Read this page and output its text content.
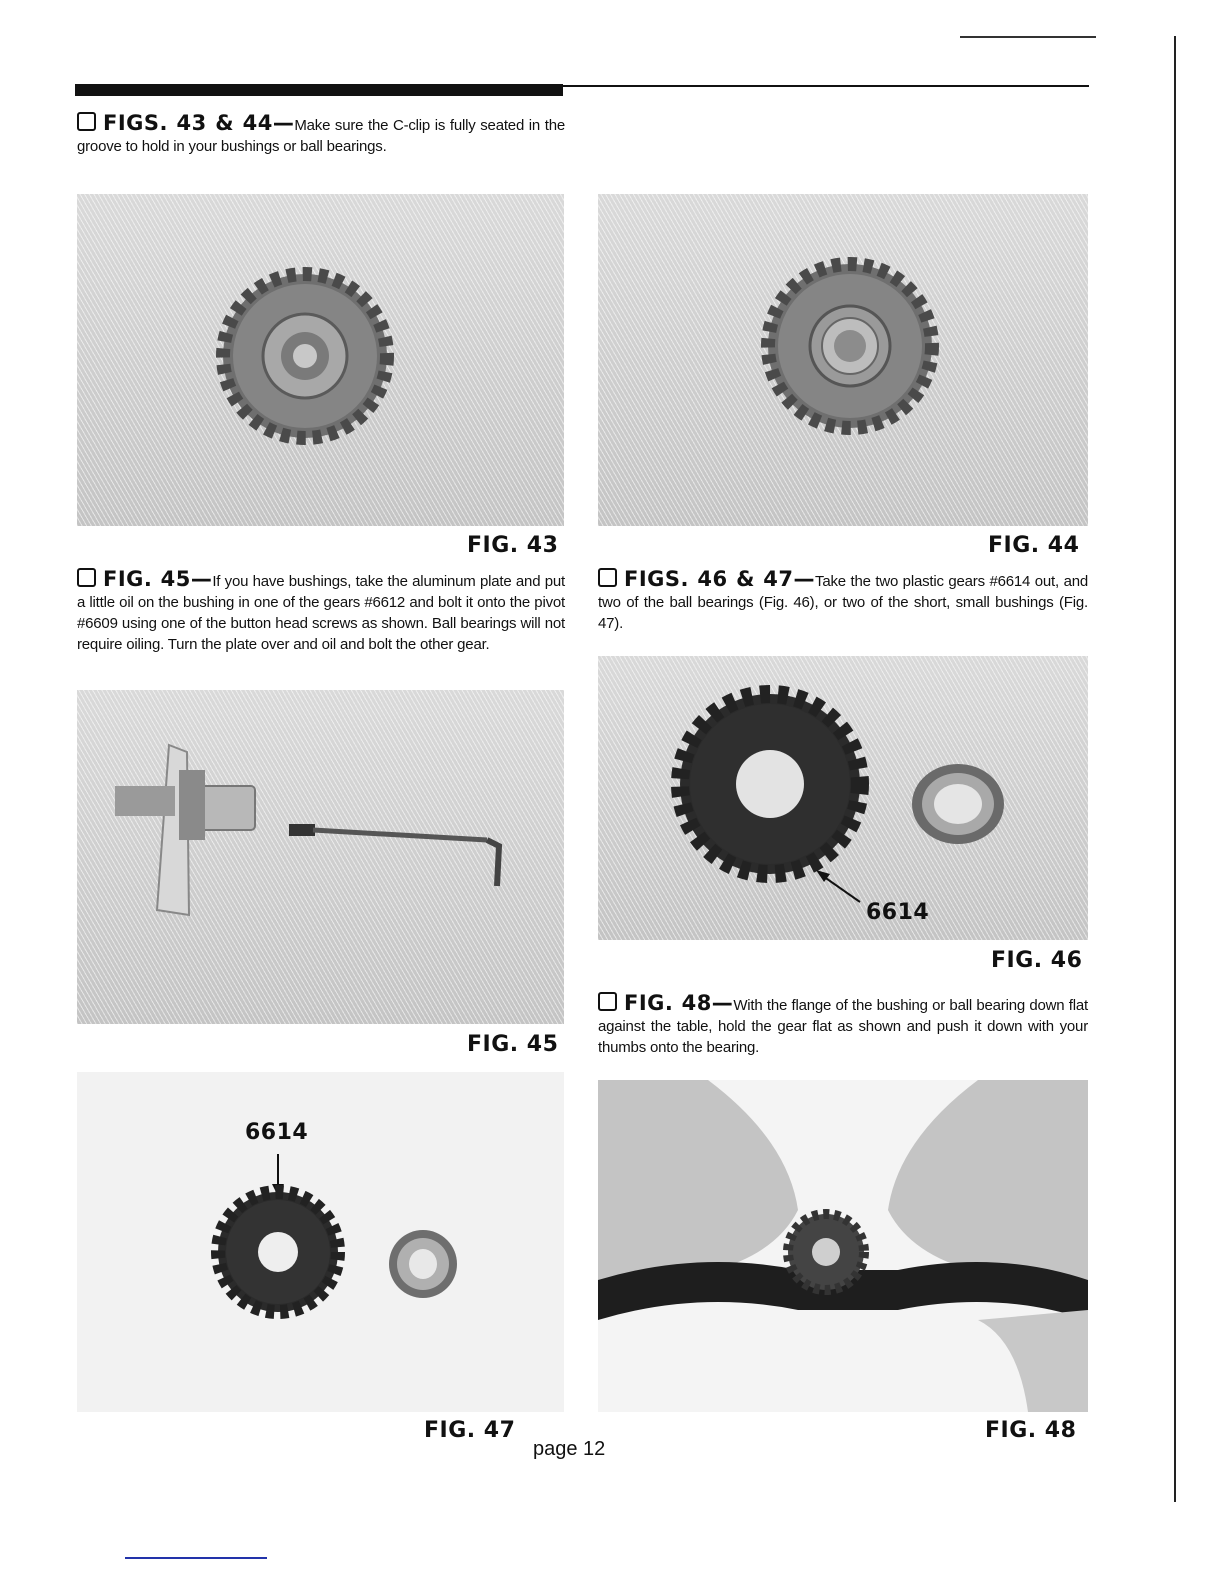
FIGS. 43 & 44—Make sure the C-clip is fully seated in the groove to hold in your bushings or ball bearings.
FIG. 43	FIG. 44
FIG. 45—If you have bushings, take the aluminum plate and put a little oil on the bushing in one of the gears #6612 and bolt it onto the pivot #6609 using one of the button head screws as shown. Ball bearings will not require oiling. Turn the plate over and oil and bolt the other gear.
FIGS. 46 & 47—Take the two plastic gears #6614 out, and two of the ball bearings (Fig. 46), or two of the short, small bushings (Fig. 47).
6614
FIG. 46
FIG. 48—With the flange of the bushing or ball bearing down flat against the table, hold the gear flat as shown and push it down with your thumbs onto the bearing.
FIG. 45
6614
FIG. 47	FIG. 48
page 12
